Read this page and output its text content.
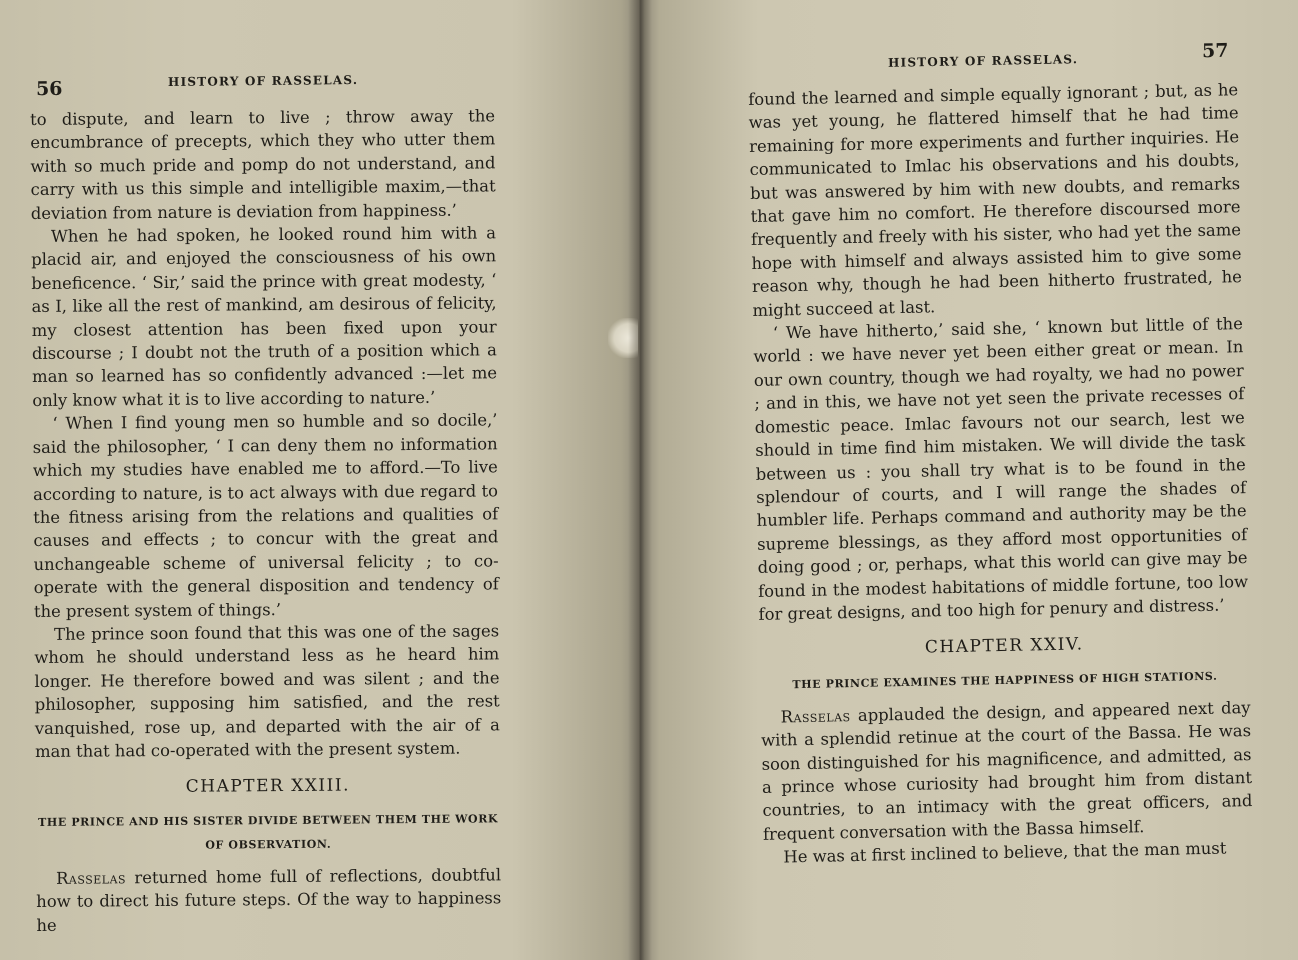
56	HISTORY OF RASSELAS.

to dispute, and learn to live ; throw away the encumbrance of precepts, which they who utter them with so much pride and pomp do not understand, and carry with us this simple and intelligible maxim,—that deviation from nature is deviation from happiness.’

When he had spoken, he looked round him with a placid air, and enjoyed the consciousness of his own beneficence. ‘ Sir,’ said the prince with great modesty, ‘ as I, like all the rest of mankind, am desirous of felicity, my closest attention has been fixed upon your discourse ; I doubt not the truth of a position which a man so learned has so confidently advanced :—let me only know what it is to live according to nature.’

‘ When I find young men so humble and so docile,’ said the philosopher, ‘ I can deny them no information which my studies have enabled me to afford.—To live according to nature, is to act always with due regard to the fitness arising from the relations and qualities of causes and effects ; to concur with the great and unchangeable scheme of universal felicity ; to co-operate with the general disposition and tendency of the present system of things.’

The prince soon found that this was one of the sages whom he should understand less as he heard him longer. He therefore bowed and was silent ; and the philosopher, supposing him satisfied, and the rest vanquished, rose up, and departed with the air of a man that had co-operated with the present system.

CHAPTER XXIII.
THE PRINCE AND HIS SISTER DIVIDE BETWEEN THEM THE WORK OF OBSERVATION.

Rasselas returned home full of reflections, doubtful how to direct his future steps. Of the way to happiness he

HISTORY OF RASSELAS.	57

found the learned and simple equally ignorant ; but, as he was yet young, he flattered himself that he had time remaining for more experiments and further inquiries. He communicated to Imlac his observations and his doubts, but was answered by him with new doubts, and remarks that gave him no comfort. He therefore discoursed more frequently and freely with his sister, who had yet the same hope with himself and always assisted him to give some reason why, though he had been hitherto frustrated, he might succeed at last.

‘ We have hitherto,’ said she, ‘ known but little of the world : we have never yet been either great or mean. In our own country, though we had royalty, we had no power ; and in this, we have not yet seen the private recesses of domestic peace. Imlac favours not our search, lest we should in time find him mistaken. We will divide the task between us : you shall try what is to be found in the splendour of courts, and I will range the shades of humbler life. Perhaps command and authority may be the supreme blessings, as they afford most opportunities of doing good ; or, perhaps, what this world can give may be found in the modest habitations of middle fortune, too low for great designs, and too high for penury and distress.’

CHAPTER XXIV.
THE PRINCE EXAMINES THE HAPPINESS OF HIGH STATIONS.

Rasselas applauded the design, and appeared next day with a splendid retinue at the court of the Bassa. He was soon distinguished for his magnificence, and admitted, as a prince whose curiosity had brought him from distant countries, to an intimacy with the great officers, and frequent conversation with the Bassa himself.

He was at first inclined to believe, that the man must
